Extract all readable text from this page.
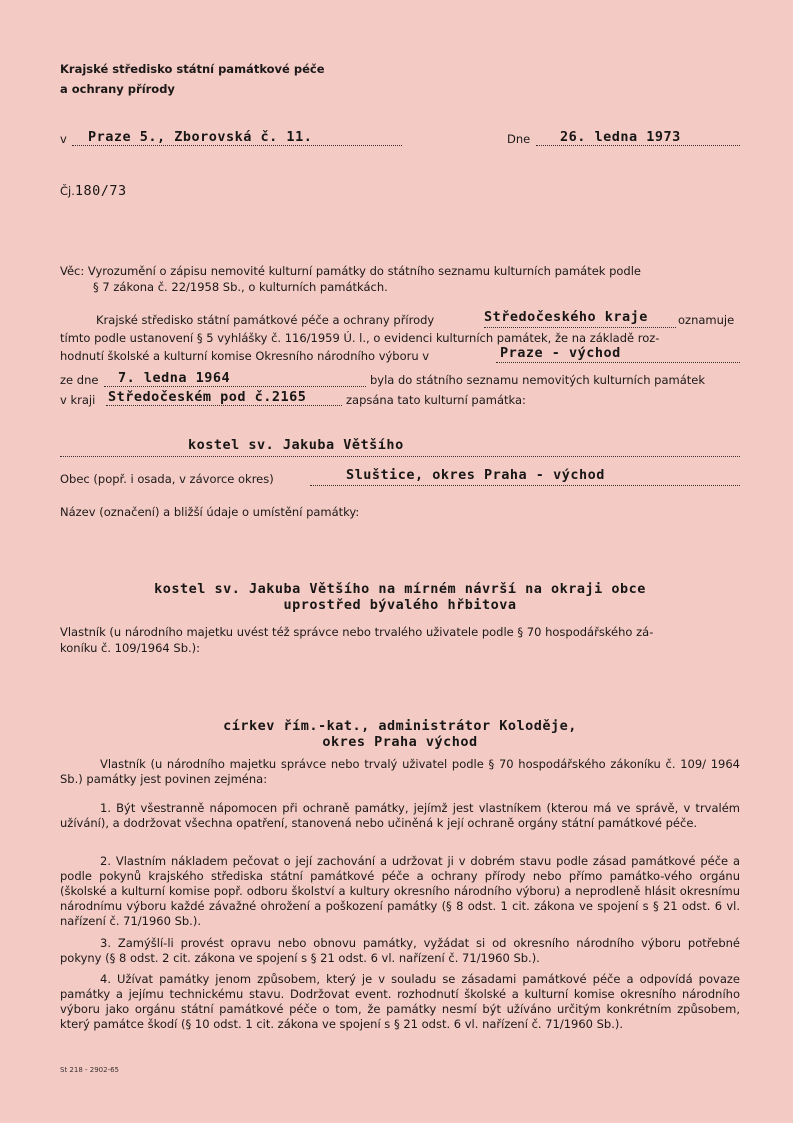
Krajské středisko státní památkové péče
a ochrany přírody
v Praze 5., Zborovská č. 11.	Dne 26. ledna 1973
Čj.180/73
Věc: Vyrozumění o zápisu nemovité kulturní památky do státního seznamu kulturních památek podle
§ 7 zákona č. 22/1958 Sb., o kulturních památkách.
Krajské středisko státní památkové péče a ochrany přírody	Středočeského kraje	oznamuje
tímto podle ustanovení § 5 vyhlášky č. 116/1959 Ú. l., o evidenci kulturních památek, že na základě roz-
hodnutí školské a kulturní komise Okresního národního výboru v	Praze - východ
ze dne 7. ledna 1964	byla do státního seznamu nemovitých kulturních památek
v kraji Středočeském pod č.2165	zapsána tato kulturní památka:
kostel sv. Jakuba Většího
Obec (popř. i osada, v závorce okres)	Sluštice, okres Praha - východ
Název (označení) a bližší údaje o umístění památky:
kostel sv. Jakuba Většího na mírném návrší na okraji obce
uprostřed bývalého hřbitova
Vlastník (u národního majetku uvést též správce nebo trvalého uživatele podle § 70 hospodářského zá-
koníku č. 109/1964 Sb.):
církev řím.-kat., administrátor Koloděje,
okres Praha východ
Vlastník (u národního majetku správce nebo trvalý uživatel podle § 70 hospodářského zákoníku č. 109/ 1964 Sb.) památky jest povinen zejména:
1. Být všestranně nápomocen při ochraně památky, jejímž jest vlastníkem (kterou má ve správě, v trvalém užívání), a dodržovat všechna opatření, stanovená nebo učiněná k její ochraně orgány státní památkové péče.
2. Vlastním nákladem pečovat o její zachování a udržovat ji v dobrém stavu podle zásad památkové péče a podle pokynů krajského střediska státní památkové péče a ochrany přírody nebo přímo památko-vého orgánu (školské a kulturní komise popř. odboru školství a kultury okresního národního výboru) a neprodleně hlásit okresnímu národnímu výboru každé závažné ohrožení a poškození památky (§ 8 odst. 1 cit. zákona ve spojení s § 21 odst. 6 vl. nařízení č. 71/1960 Sb.).
3. Zamýšlí-li provést opravu nebo obnovu památky, vyžádat si od okresního národního výboru potřebné pokyny (§ 8 odst. 2 cit. zákona ve spojení s § 21 odst. 6 vl. nařízení č. 71/1960 Sb.).
4. Užívat památky jenom způsobem, který je v souladu se zásadami památkové péče a odpovídá povaze památky a jejímu technickému stavu. Dodržovat event. rozhodnutí školské a kulturní komise okresního národního výboru jako orgánu státní památkové péče o tom, že památky nesmí být užíváno určitým konkrétním způsobem, který památce škodí (§ 10 odst. 1 cit. zákona ve spojení s § 21 odst. 6 vl. nařízení č. 71/1960 Sb.).
St 218 - 2902-65
